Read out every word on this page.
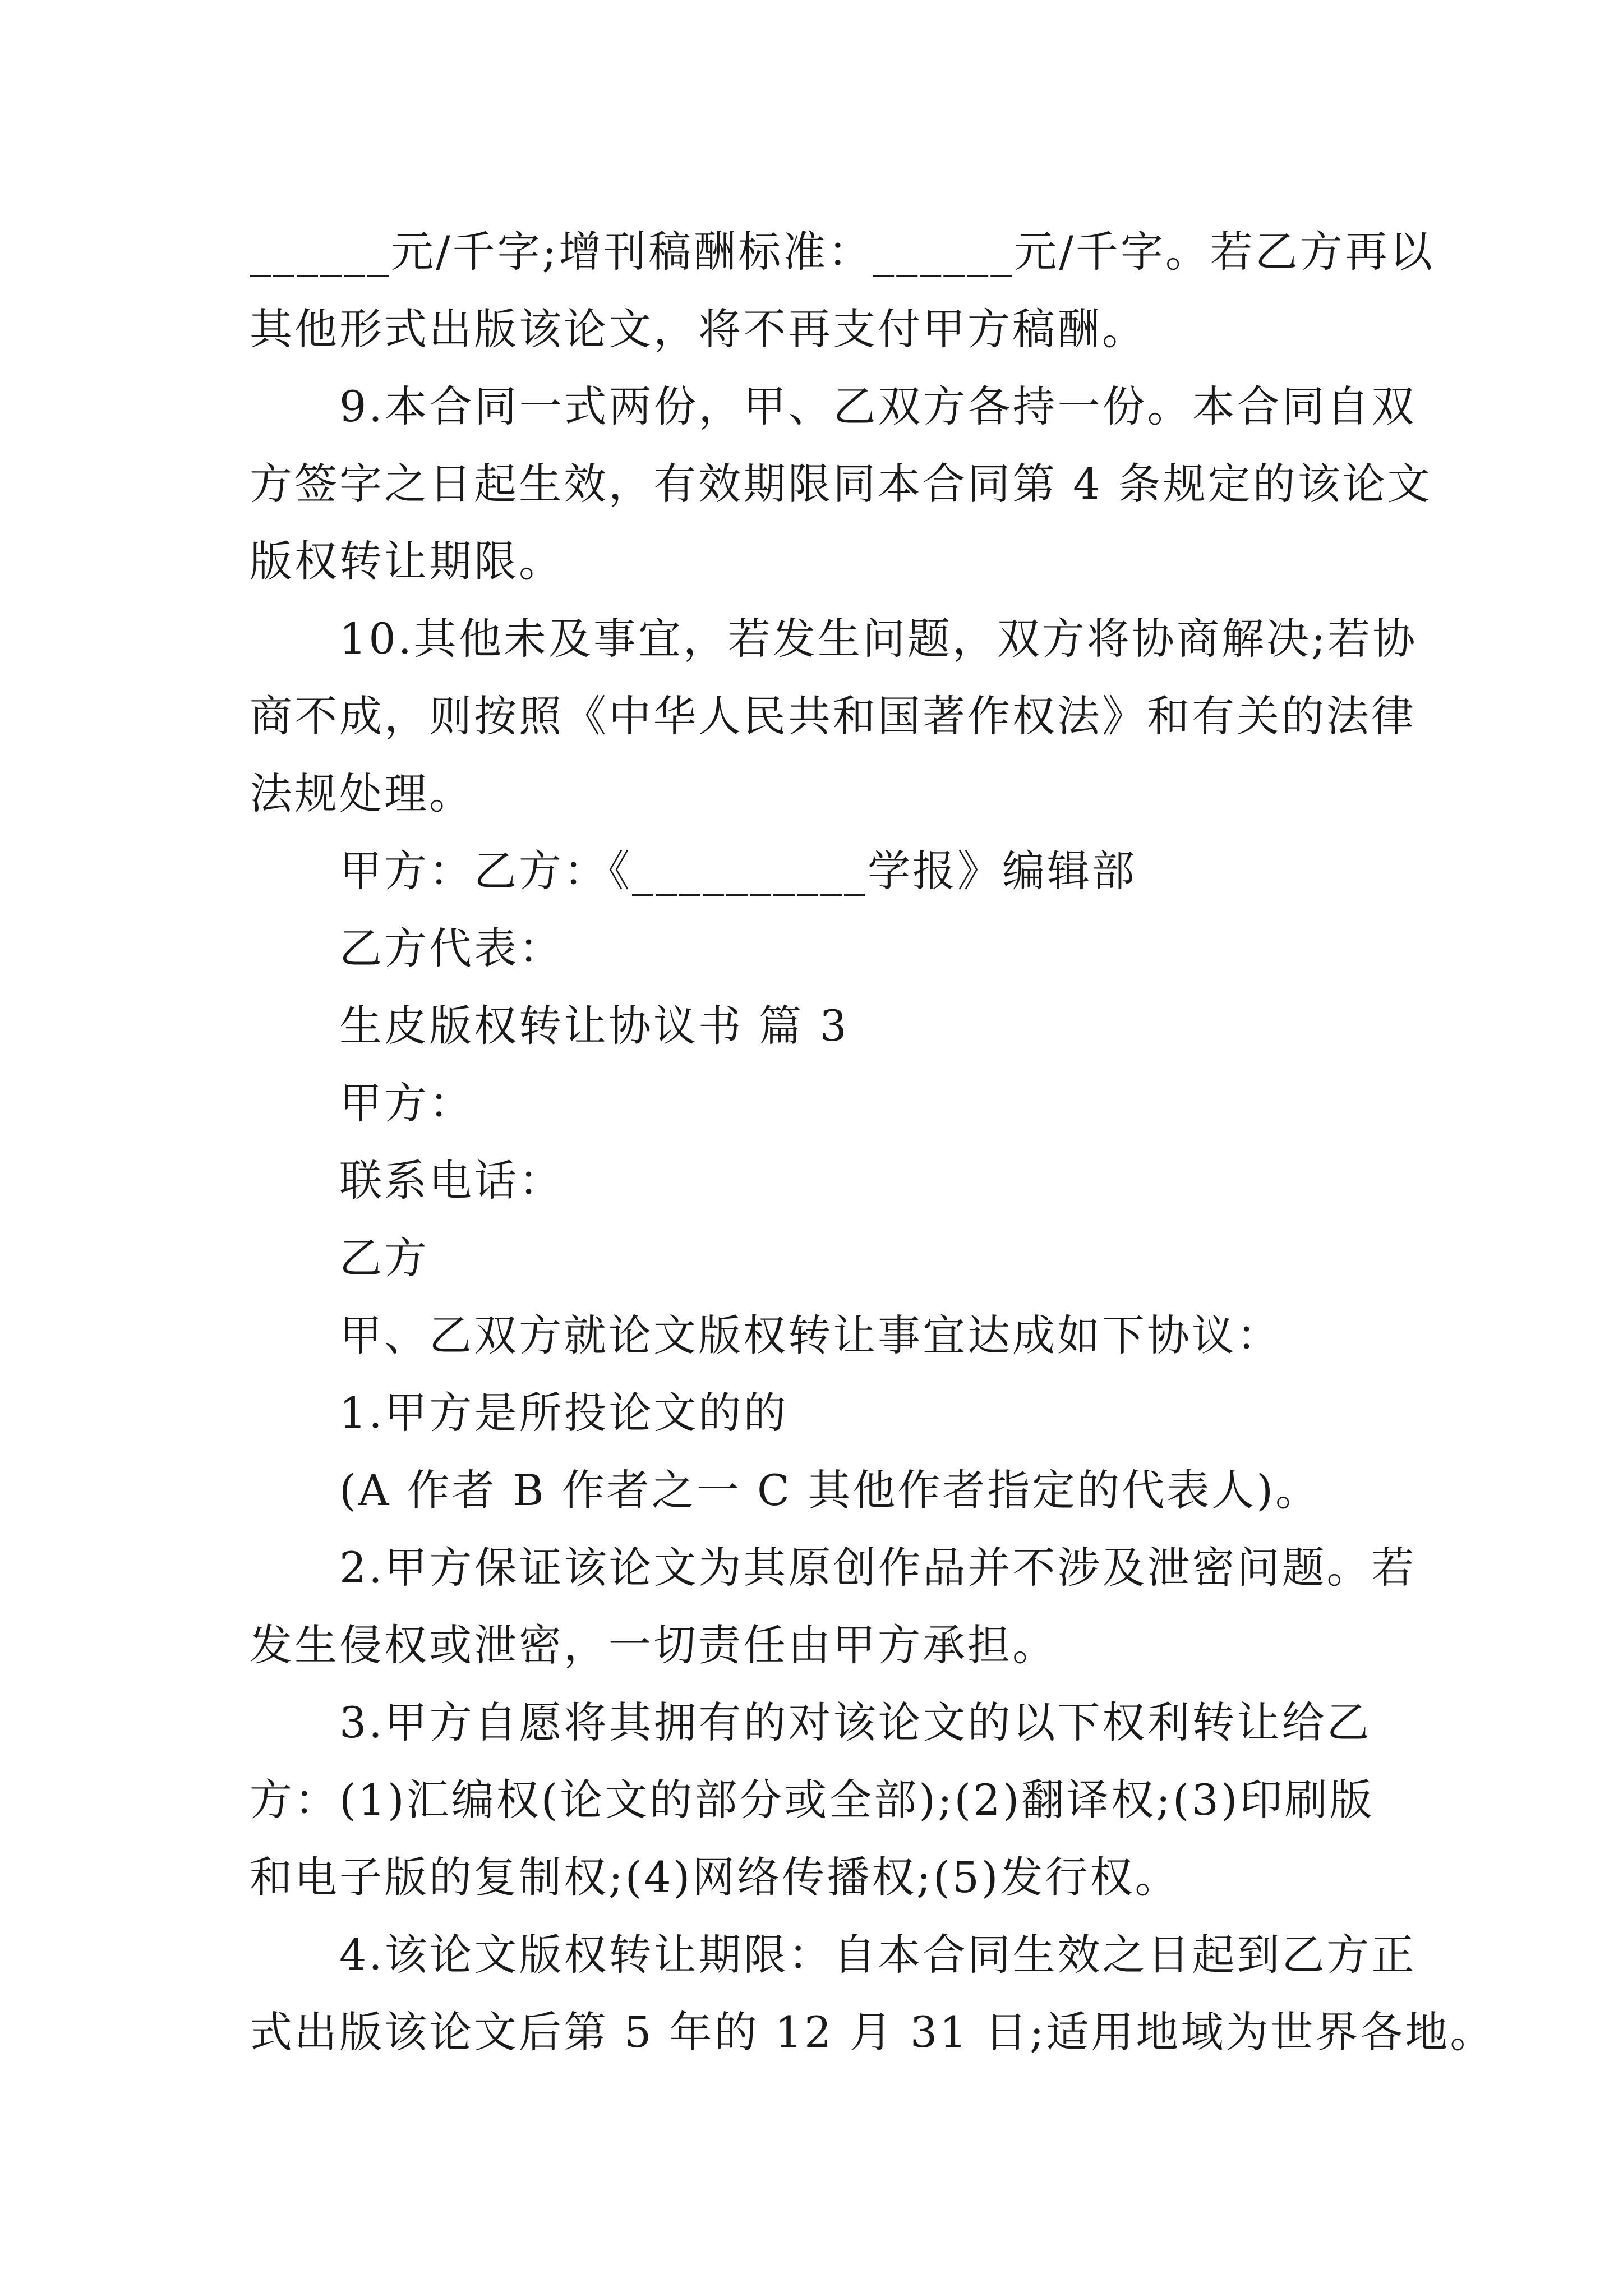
______元/千字;增刊稿酬标准：______元/千字。若乙方再以
其他形式出版该论文，将不再支付甲方稿酬。
9.本合同一式两份，甲、乙双方各持一份。本合同自双
方签字之日起生效，有效期限同本合同第 4 条规定的该论文
版权转让期限。
10.其他未及事宜，若发生问题，双方将协商解决;若协
商不成，则按照《中华人民共和国著作权法》和有关的法律
法规处理。
甲方：乙方：《__________学报》编辑部
乙方代表：
生皮版权转让协议书 篇 3
甲方：
联系电话：
乙方
甲、乙双方就论文版权转让事宜达成如下协议：
1.甲方是所投论文的的
(A 作者 B 作者之一 C 其他作者指定的代表人)。
2.甲方保证该论文为其原创作品并不涉及泄密问题。若
发生侵权或泄密，一切责任由甲方承担。
3.甲方自愿将其拥有的对该论文的以下权利转让给乙
方：(1)汇编权(论文的部分或全部);(2)翻译权;(3)印刷版
和电子版的复制权;(4)网络传播权;(5)发行权。
4.该论文版权转让期限：自本合同生效之日起到乙方正
式出版该论文后第 5 年的 12 月 31 日;适用地域为世界各地。
